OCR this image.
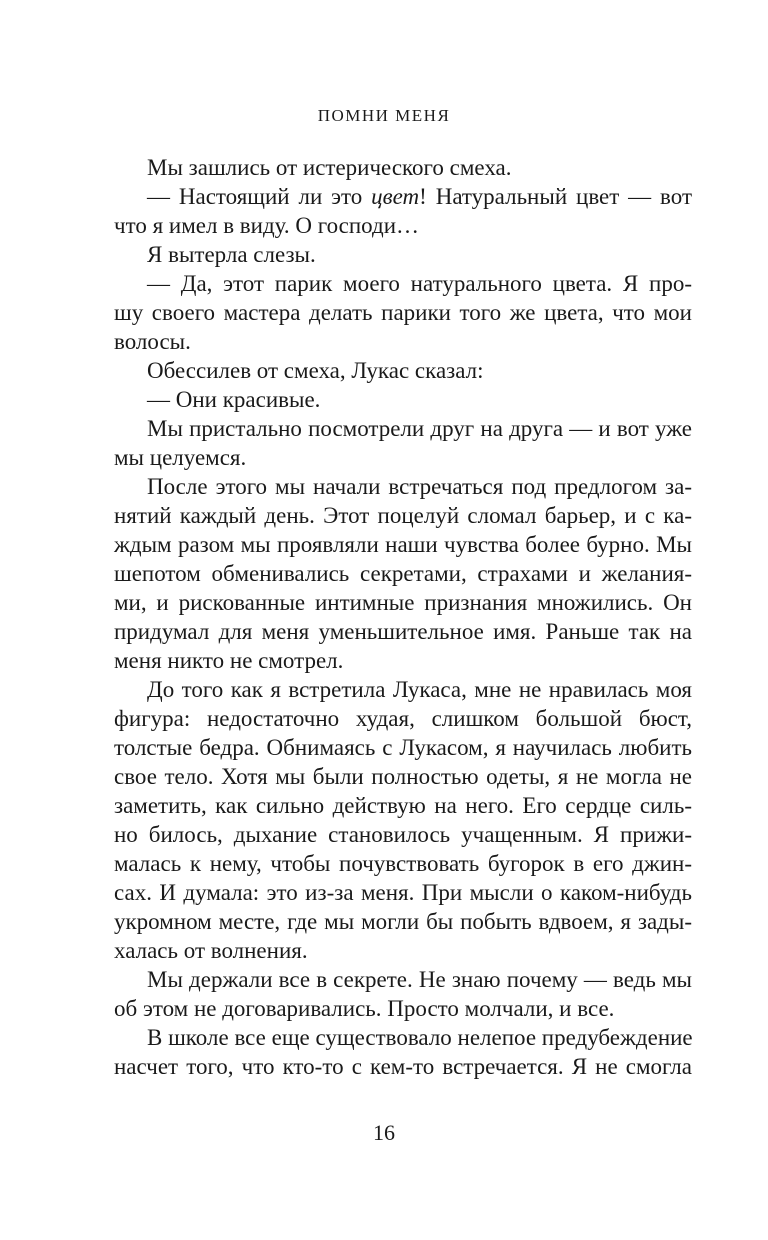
ПОМНИ МЕНЯ
Мы зашлись от истерического смеха.
— Настоящий ли это цвет! Натуральный цвет — вот
что я имел в виду. О господи…
Я вытерла слезы.
— Да, этот парик моего натурального цвета. Я про-
шу своего мастера делать парики того же цвета, что мои
волосы.
Обессилев от смеха, Лукас сказал:
— Они красивые.
Мы пристально посмотрели друг на друга — и вот уже
мы целуемся.
После этого мы начали встречаться под предлогом за-
нятий каждый день. Этот поцелуй сломал барьер, и с ка-
ждым разом мы проявляли наши чувства более бурно. Мы
шепотом обменивались секретами, страхами и желания-
ми, и рискованные интимные признания множились. Он
придумал для меня уменьшительное имя. Раньше так на
меня никто не смотрел.
До того как я встретила Лукаса, мне не нравилась моя
фигура: недостаточно худая, слишком большой бюст,
толстые бедра. Обнимаясь с Лукасом, я научилась любить
свое тело. Хотя мы были полностью одеты, я не могла не
заметить, как сильно действую на него. Его сердце силь-
но билось, дыхание становилось учащенным. Я прижи-
малась к нему, чтобы почувствовать бугорок в его джин-
сах. И думала: это из-за меня. При мысли о каком-нибудь
укромном месте, где мы могли бы побыть вдвоем, я зады-
халась от волнения.
Мы держали все в секрете. Не знаю почему — ведь мы
об этом не договаривались. Просто молчали, и все.
В школе все еще существовало нелепое предубеждение
насчет того, что кто-то с кем-то встречается. Я не смогла
16
